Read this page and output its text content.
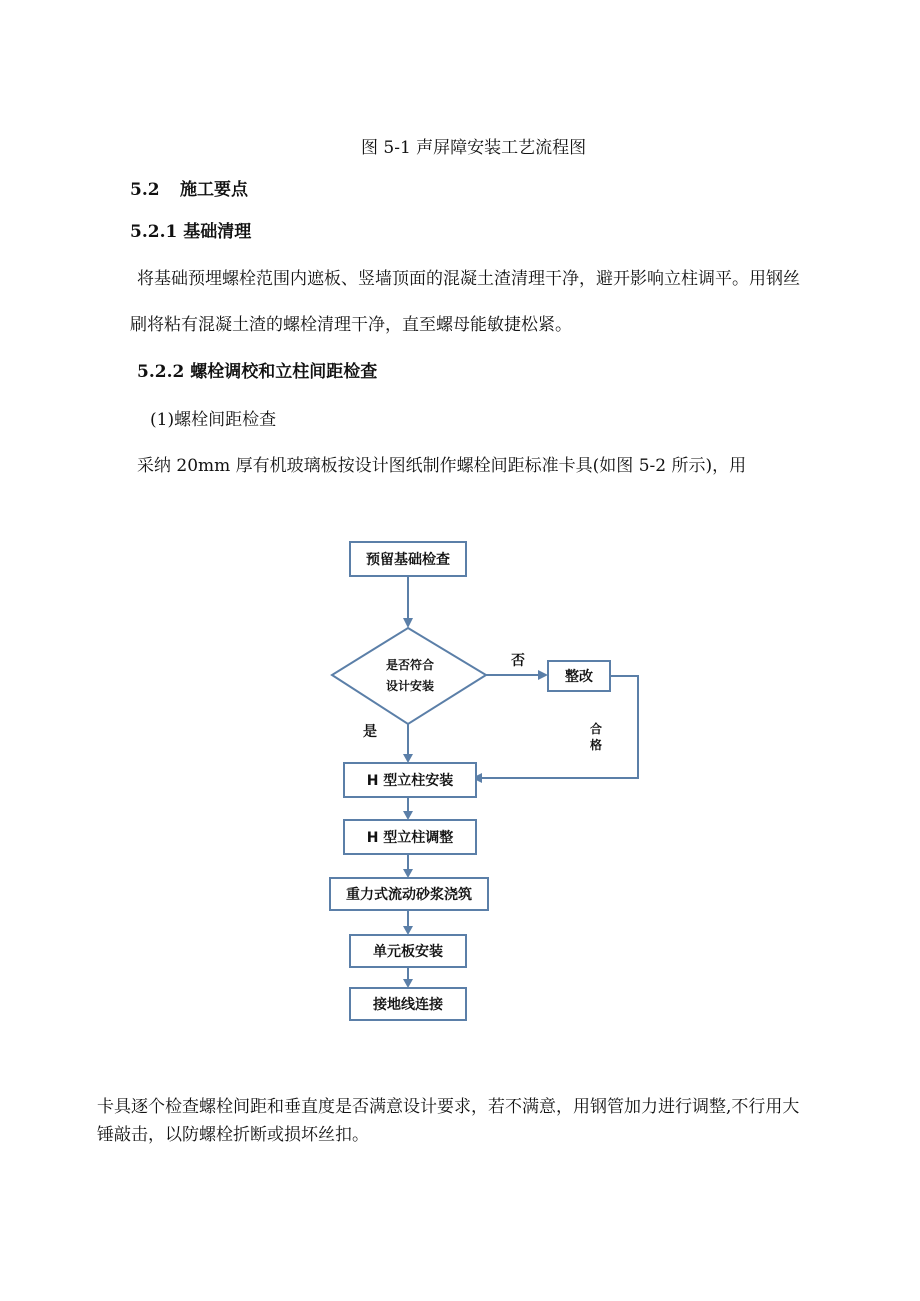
图 5-1 声屏障安装工艺流程图
5.2 施工要点
5.2.1 基础清理
将基础预埋螺栓范围内遮板、竖墙顶面的混凝土渣清理干净，避开影响立柱调平。用钢丝
刷将粘有混凝土渣的螺栓清理干净，直至螺母能敏捷松紧。
5.2.2 螺栓调校和立柱间距检查
(1)螺栓间距检查
采纳 20mm 厚有机玻璃板按设计图纸制作螺栓间距标准卡具(如图 5-2 所示)，用
预留基础检查
是否符合
设计安装
否
整改
合
格
是
H 型立柱安装
H 型立柱调整
重力式流动砂浆浇筑
单元板安装
接地线连接
卡具逐个检查螺栓间距和垂直度是否满意设计要求，若不满意，用钢管加力进行调整,不行用大
锤敲击，以防螺栓折断或损坏丝扣。
